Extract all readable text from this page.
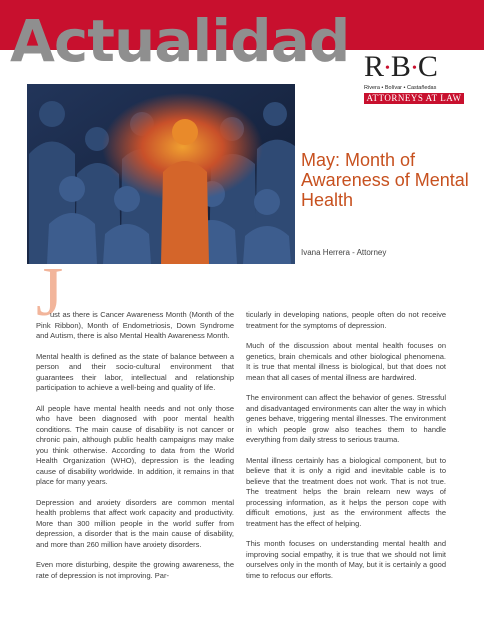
Actualidad R•B•C
Rivera • Bolívar • Castañedas
ATTORNEYS AT LAW
May: Month of Awareness of Mental Health
Ivana Herrera - Attorney
J

ust as there is Cancer Awareness Month (Month of the Pink Ribbon), Month of Endometriosis, Down Syndrome and Autism, there is also Mental Health Awareness Month.

Mental health is defined as the state of balance between a person and their socio-cultural environment that guarantees their labor, intellectual and relationship participation to achieve a well-being and quality of life.

All people have mental health needs and not only those who have been diagnosed with poor mental health conditions. The main cause of disability is not cancer or chronic pain, although public health campaigns may make you think otherwise. According to data from the World Health Organization (WHO), depression is the leading cause of disability worldwide. In addition, it remains in that place for many years.

Depression and anxiety disorders are common mental health problems that affect work capacity and productivity. More than 300 million people in the world suffer from depression, a disorder that is the main cause of disability, and more than 260 million have anxiety disorders.

Even more disturbing, despite the growing awareness, the rate of depression is not improving. Par-

ticularly in developing nations, people often do not receive treatment for the symptoms of depression.

Much of the discussion about mental health focuses on genetics, brain chemicals and other biological phenomena. It is true that mental illness is biological, but that does not mean that all cases of mental illness are hardwired.

The environment can affect the behavior of genes. Stressful and disadvantaged environments can alter the way in which genes behave, triggering mental illnesses. The environment in which people grow also teaches them to handle everything from daily stress to serious trauma.

Mental illness certainly has a biological component, but to believe that it is only a rigid and inevitable cable is to believe that the treatment does not work. That is not true. The treatment helps the brain relearn new ways of processing information, as it helps the person cope with difficult emotions, just as the environment affects the treatment has the effect of helping.

This month focuses on understanding mental health and improving social empathy, it is true that we should not limit ourselves only in the month of May, but it is certainly a good time to refocus our efforts.
